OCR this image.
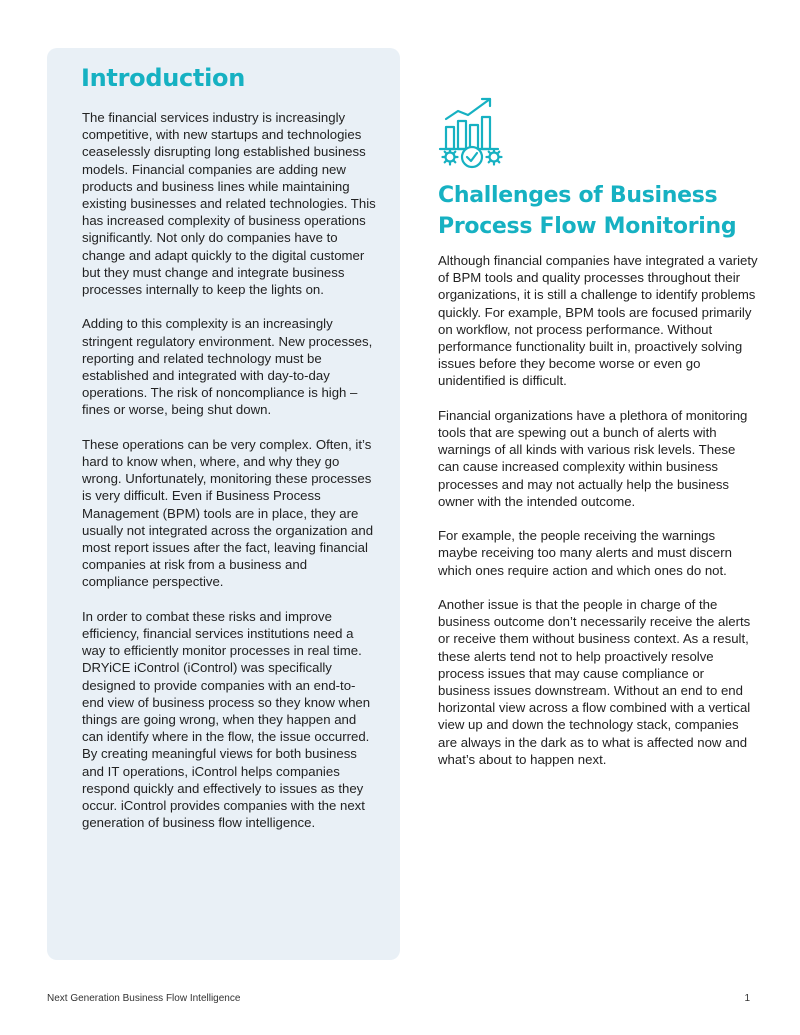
Introduction

The financial services industry is increasingly competitive, with new startups and technologies ceaselessly disrupting long established business models. Financial companies are adding new products and business lines while maintaining existing businesses and related technologies. This has increased complexity of business operations significantly. Not only do companies have to change and adapt quickly to the digital customer but they must change and integrate business processes internally to keep the lights on.

Adding to this complexity is an increasingly stringent regulatory environment. New processes, reporting and related technology must be established and integrated with day-to-day operations. The risk of noncompliance is high – fines or worse, being shut down.

These operations can be very complex. Often, it’s hard to know when, where, and why they go wrong. Unfortunately, monitoring these processes is very difficult. Even if Business Process Management (BPM) tools are in place, they are usually not integrated across the organization and most report issues after the fact, leaving financial companies at risk from a business and compliance perspective.

In order to combat these risks and improve efficiency, financial services institutions need a way to efficiently monitor processes in real time. DRYiCE iControl (iControl) was specifically designed to provide companies with an end-to-end view of business process so they know when things are going wrong, when they happen and can identify where in the flow, the issue occurred. By creating meaningful views for both business and IT operations, iControl helps companies respond quickly and effectively to issues as they occur. iControl provides companies with the next generation of business flow intelligence.

Challenges of Business Process Flow Monitoring

Although financial companies have integrated a variety of BPM tools and quality processes throughout their organizations, it is still a challenge to identify problems quickly. For example, BPM tools are focused primarily on workflow, not process performance. Without performance functionality built in, proactively solving issues before they become worse or even go unidentified is difficult.

Financial organizations have a plethora of monitoring tools that are spewing out a bunch of alerts with warnings of all kinds with various risk levels. These can cause increased complexity within business processes and may not actually help the business owner with the intended outcome.

For example, the people receiving the warnings maybe receiving too many alerts and must discern which ones require action and which ones do not.

Another issue is that the people in charge of the business outcome don’t necessarily receive the alerts or receive them without business context. As a result, these alerts tend not to help proactively resolve process issues that may cause compliance or business issues downstream. Without an end to end horizontal view across a flow combined with a vertical view up and down the technology stack, companies are always in the dark as to what is affected now and what’s about to happen next.

Next Generation Business Flow Intelligence	1
